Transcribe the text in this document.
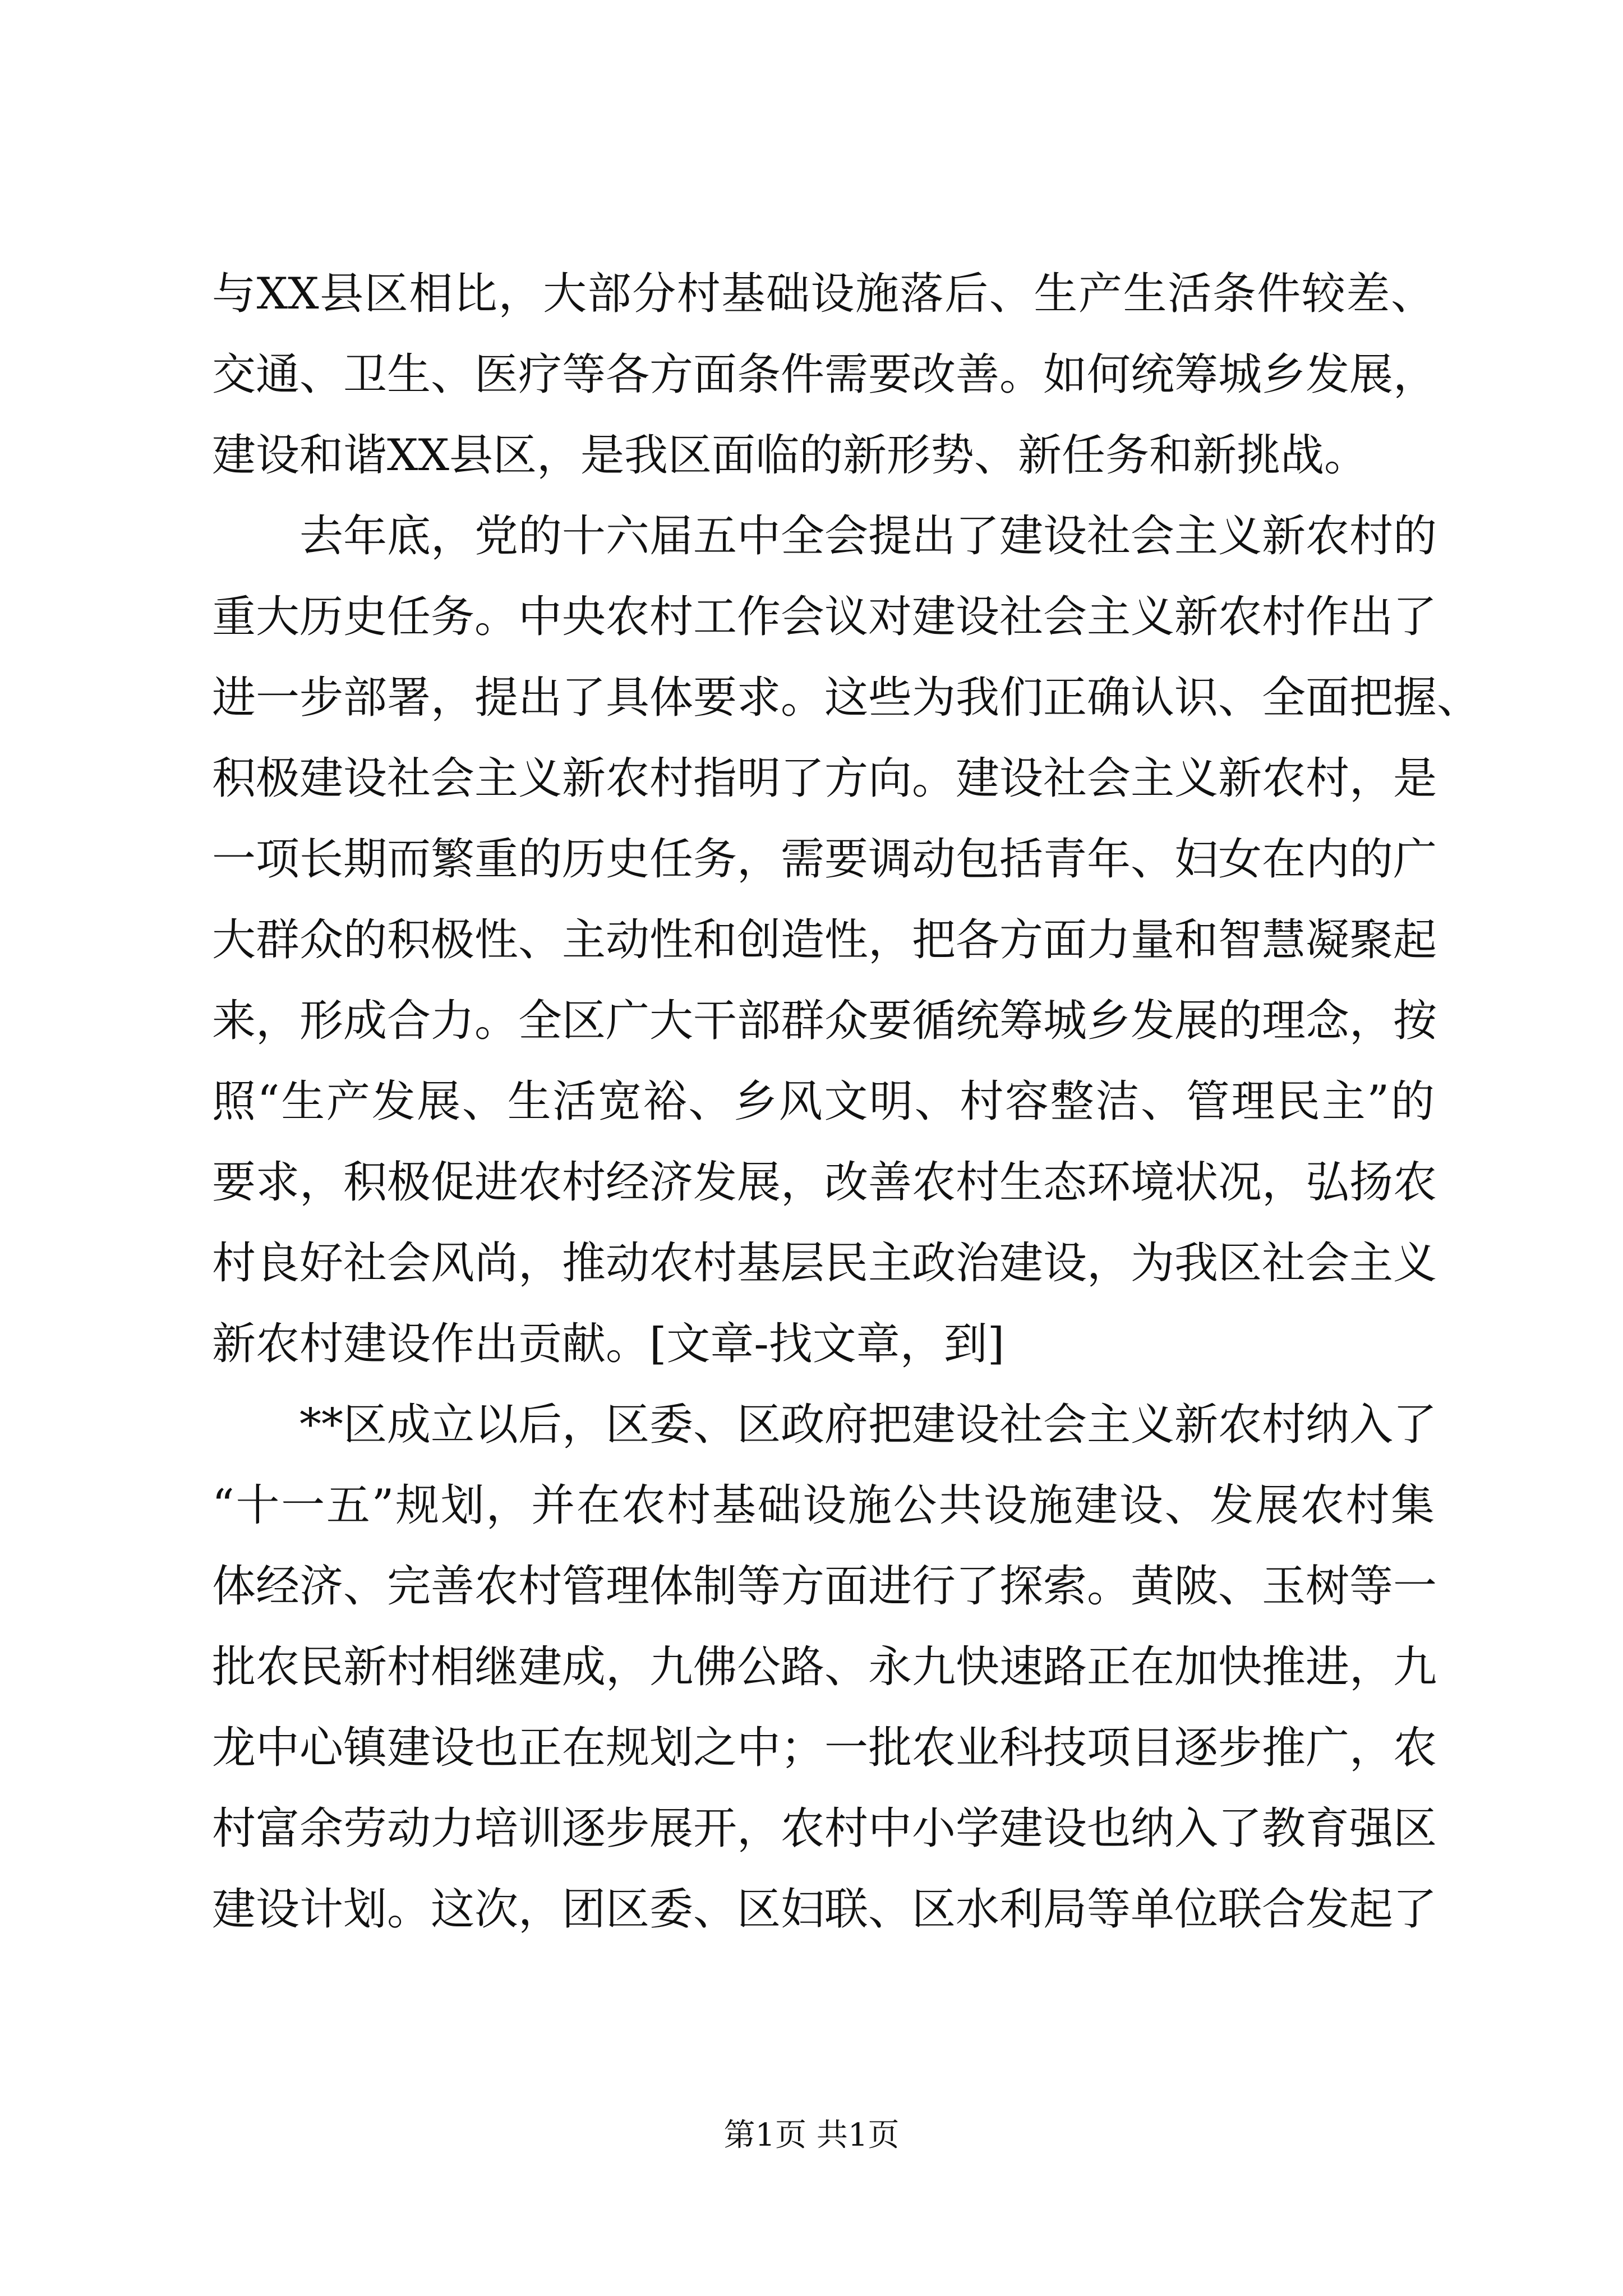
与XX县区相比，大部分村基础设施落后、生产生活条件较差、
交通、卫生、医疗等各方面条件需要改善。如何统筹城乡发展，
建设和谐XX县区，是我区面临的新形势、新任务和新挑战。
去年底，党的十六届五中全会提出了建设社会主义新农村的
重大历史任务。中央农村工作会议对建设社会主义新农村作出了
进一步部署，提出了具体要求。这些为我们正确认识、全面把握、
积极建设社会主义新农村指明了方向。建设社会主义新农村，是
一项长期而繁重的历史任务，需要调动包括青年、妇女在内的广
大群众的积极性、主动性和创造性，把各方面力量和智慧凝聚起
来，形成合力。全区广大干部群众要循统筹城乡发展的理念，按
照“生产发展、生活宽裕、乡风文明、村容整洁、管理民主”的
要求，积极促进农村经济发展，改善农村生态环境状况，弘扬农
村良好社会风尚，推动农村基层民主政治建设，为我区社会主义
新农村建设作出贡献。[文章-找文章，到]
**区成立以后，区委、区政府把建设社会主义新农村纳入了
“十一五”规划，并在农村基础设施公共设施建设、发展农村集
体经济、完善农村管理体制等方面进行了探索。黄陂、玉树等一
批农民新村相继建成，九佛公路、永九快速路正在加快推进，九
龙中心镇建设也正在规划之中；一批农业科技项目逐步推广，农
村富余劳动力培训逐步展开，农村中小学建设也纳入了教育强区
建设计划。这次，团区委、区妇联、区水利局等单位联合发起了
第1页 共1页
